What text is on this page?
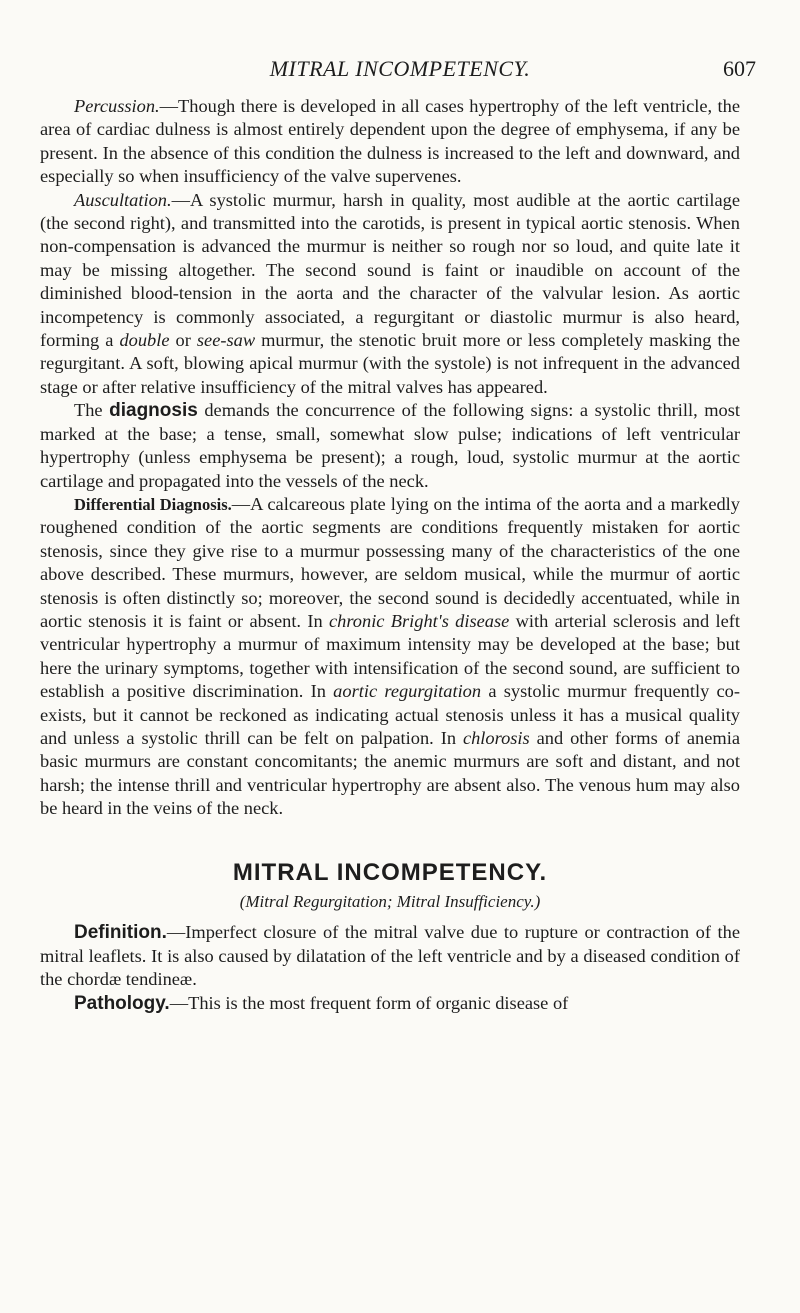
MITRAL INCOMPETENCY.	607

Percussion.—Though there is developed in all cases hypertrophy of the left ventricle, the area of cardiac dulness is almost entirely dependent upon the degree of emphysema, if any be present. In the absence of this condition the dulness is increased to the left and downward, and especially so when insufficiency of the valve supervenes.

Auscultation.—A systolic murmur, harsh in quality, most audible at the aortic cartilage (the second right), and transmitted into the carotids, is present in typical aortic stenosis. When non-compensation is advanced the murmur is neither so rough nor so loud, and quite late it may be missing altogether. The second sound is faint or inaudible on account of the diminished blood-tension in the aorta and the character of the valvular lesion. As aortic incompetency is commonly associated, a regurgitant or diastolic murmur is also heard, forming a double or see-saw murmur, the stenotic bruit more or less completely masking the regurgitant. A soft, blowing apical murmur (with the systole) is not infrequent in the advanced stage or after relative insufficiency of the mitral valves has appeared.

The diagnosis demands the concurrence of the following signs: a systolic thrill, most marked at the base; a tense, small, somewhat slow pulse; indications of left ventricular hypertrophy (unless emphysema be present); a rough, loud, systolic murmur at the aortic cartilage and propagated into the vessels of the neck.

Differential Diagnosis.—A calcareous plate lying on the intima of the aorta and a markedly roughened condition of the aortic segments are conditions frequently mistaken for aortic stenosis, since they give rise to a murmur possessing many of the characteristics of the one above described. These murmurs, however, are seldom musical, while the murmur of aortic stenosis is often distinctly so; moreover, the second sound is decidedly accentuated, while in aortic stenosis it is faint or absent. In chronic Bright's disease with arterial sclerosis and left ventricular hypertrophy a murmur of maximum intensity may be developed at the base; but here the urinary symptoms, together with intensification of the second sound, are sufficient to establish a positive discrimination. In aortic regurgitation a systolic murmur frequently co-exists, but it cannot be reckoned as indicating actual stenosis unless it has a musical quality and unless a systolic thrill can be felt on palpation. In chlorosis and other forms of anemia basic murmurs are constant concomitants; the anemic murmurs are soft and distant, and not harsh; the intense thrill and ventricular hypertrophy are absent also. The venous hum may also be heard in the veins of the neck.

MITRAL INCOMPETENCY.
(Mitral Regurgitation; Mitral Insufficiency.)

Definition.—Imperfect closure of the mitral valve due to rupture or contraction of the mitral leaflets. It is also caused by dilatation of the left ventricle and by a diseased condition of the chordæ tendineæ.

Pathology.—This is the most frequent form of organic disease of
